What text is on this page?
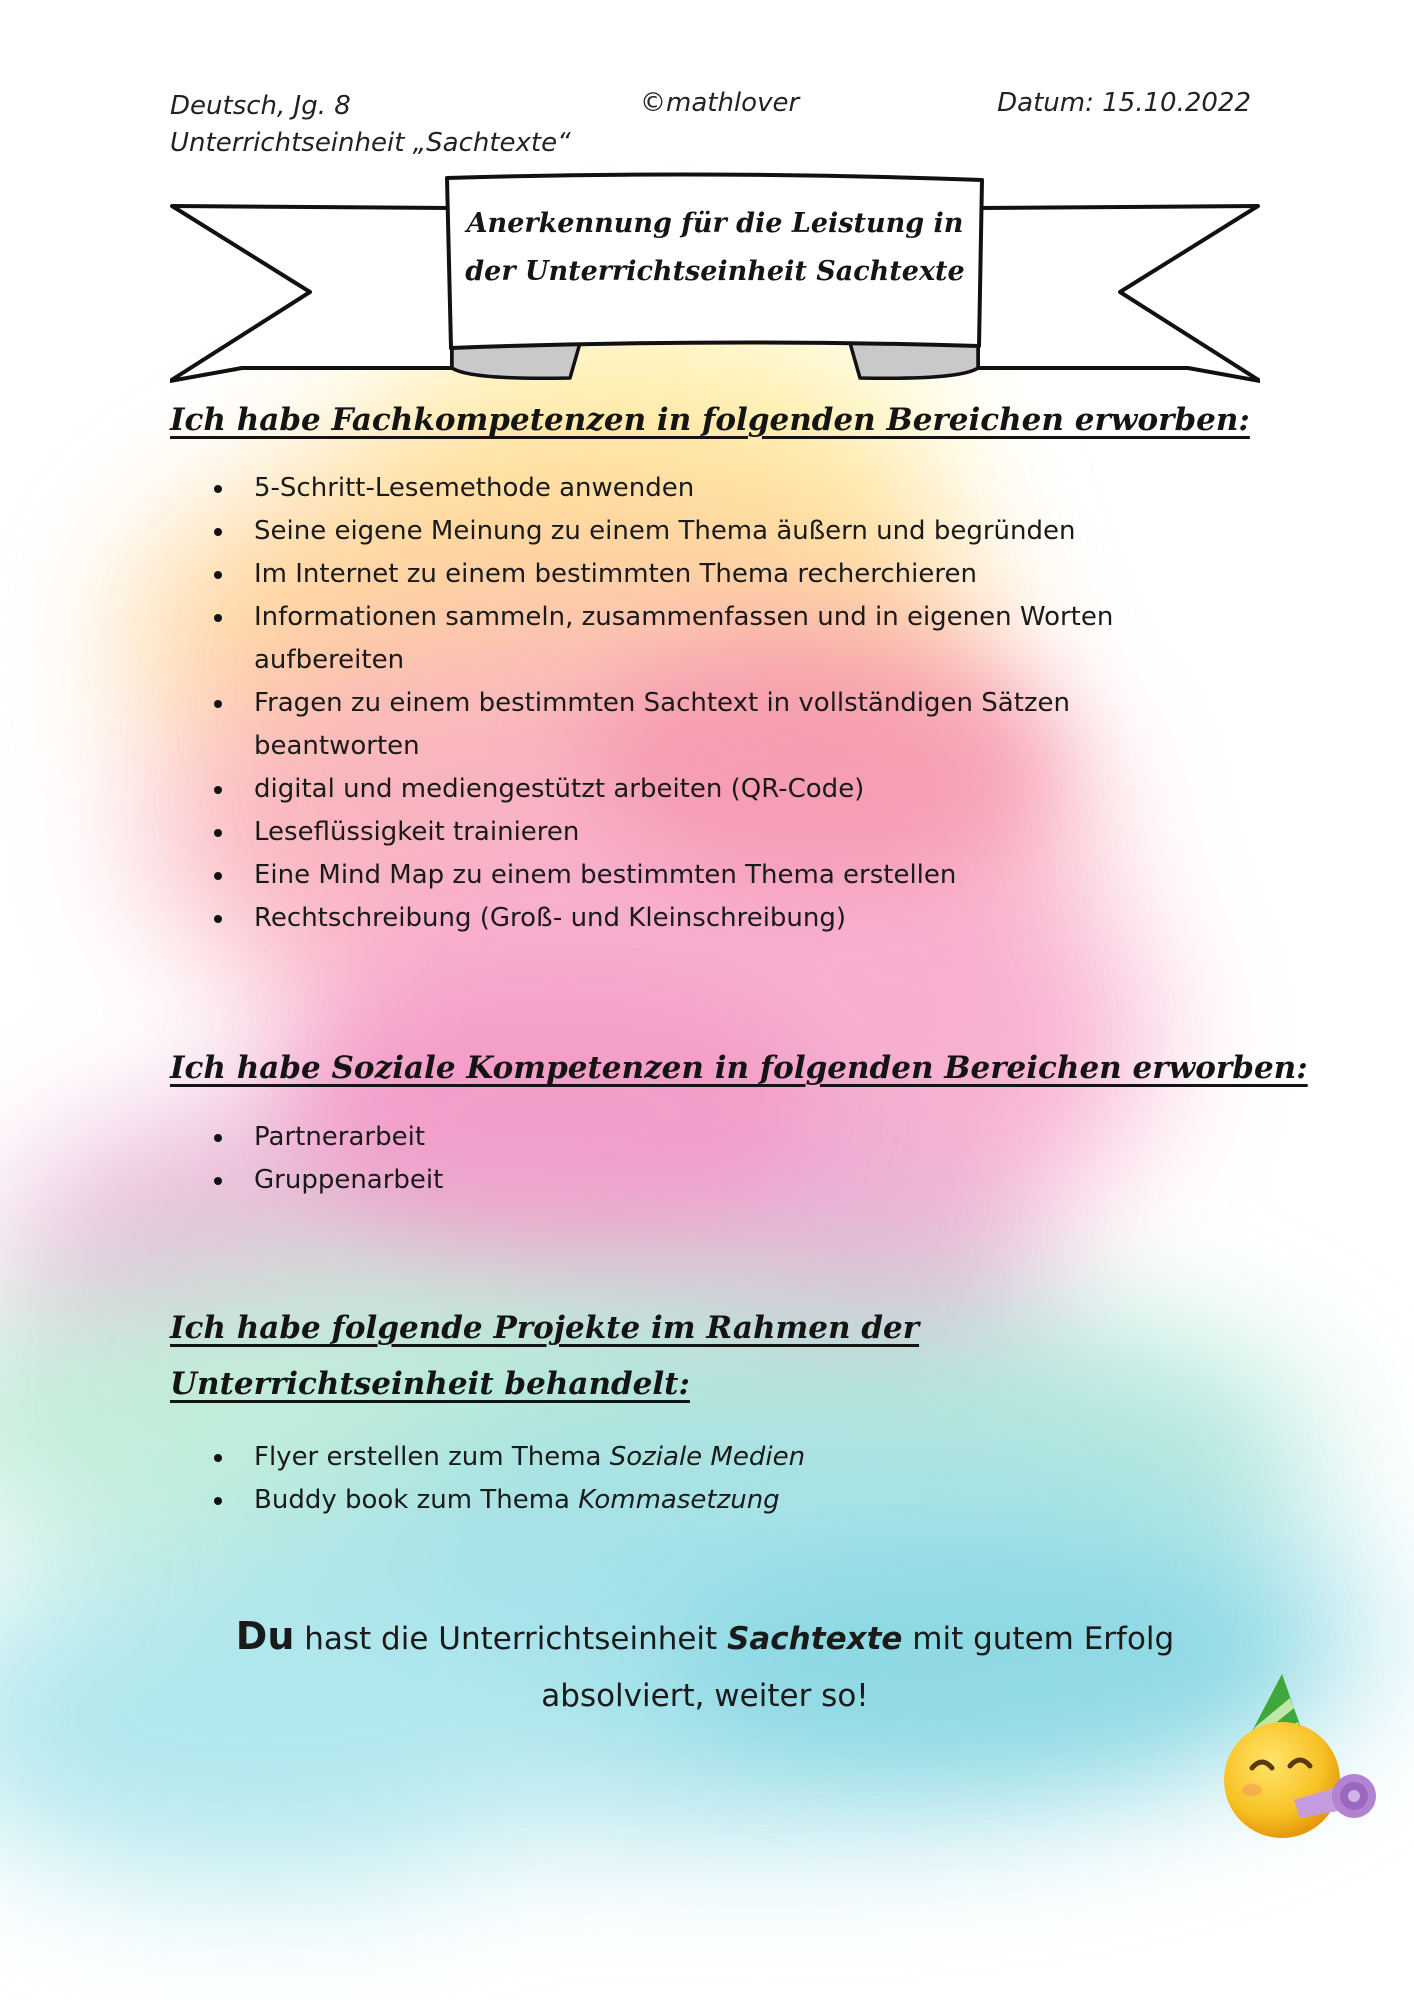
Deutsch, Jg. 8
Unterrichtseinheit „Sachtexte“
©mathlover	Datum: 15.10.2022
Anerkennung für die Leistung in
der Unterrichtseinheit Sachtexte
Ich habe Fachkompetenzen in folgenden Bereichen erworben:
5-Schritt-Lesemethode anwenden
Seine eigene Meinung zu einem Thema äußern und begründen
Im Internet zu einem bestimmten Thema recherchieren
Informationen sammeln, zusammenfassen und in eigenen Worten aufbereiten
Fragen zu einem bestimmten Sachtext in vollständigen Sätzen beantworten
digital und mediengestützt arbeiten (QR-Code)
Leseflüssigkeit trainieren
Eine Mind Map zu einem bestimmten Thema erstellen
Rechtschreibung (Groß- und Kleinschreibung)
Ich habe Soziale Kompetenzen in folgenden Bereichen erworben:
Partnerarbeit
Gruppenarbeit
Ich habe folgende Projekte im Rahmen der Unterrichtseinheit behandelt:
Flyer erstellen zum Thema Soziale Medien
Buddy book zum Thema Kommasetzung
Du hast die Unterrichtseinheit Sachtexte mit gutem Erfolg
absolviert, weiter so!
